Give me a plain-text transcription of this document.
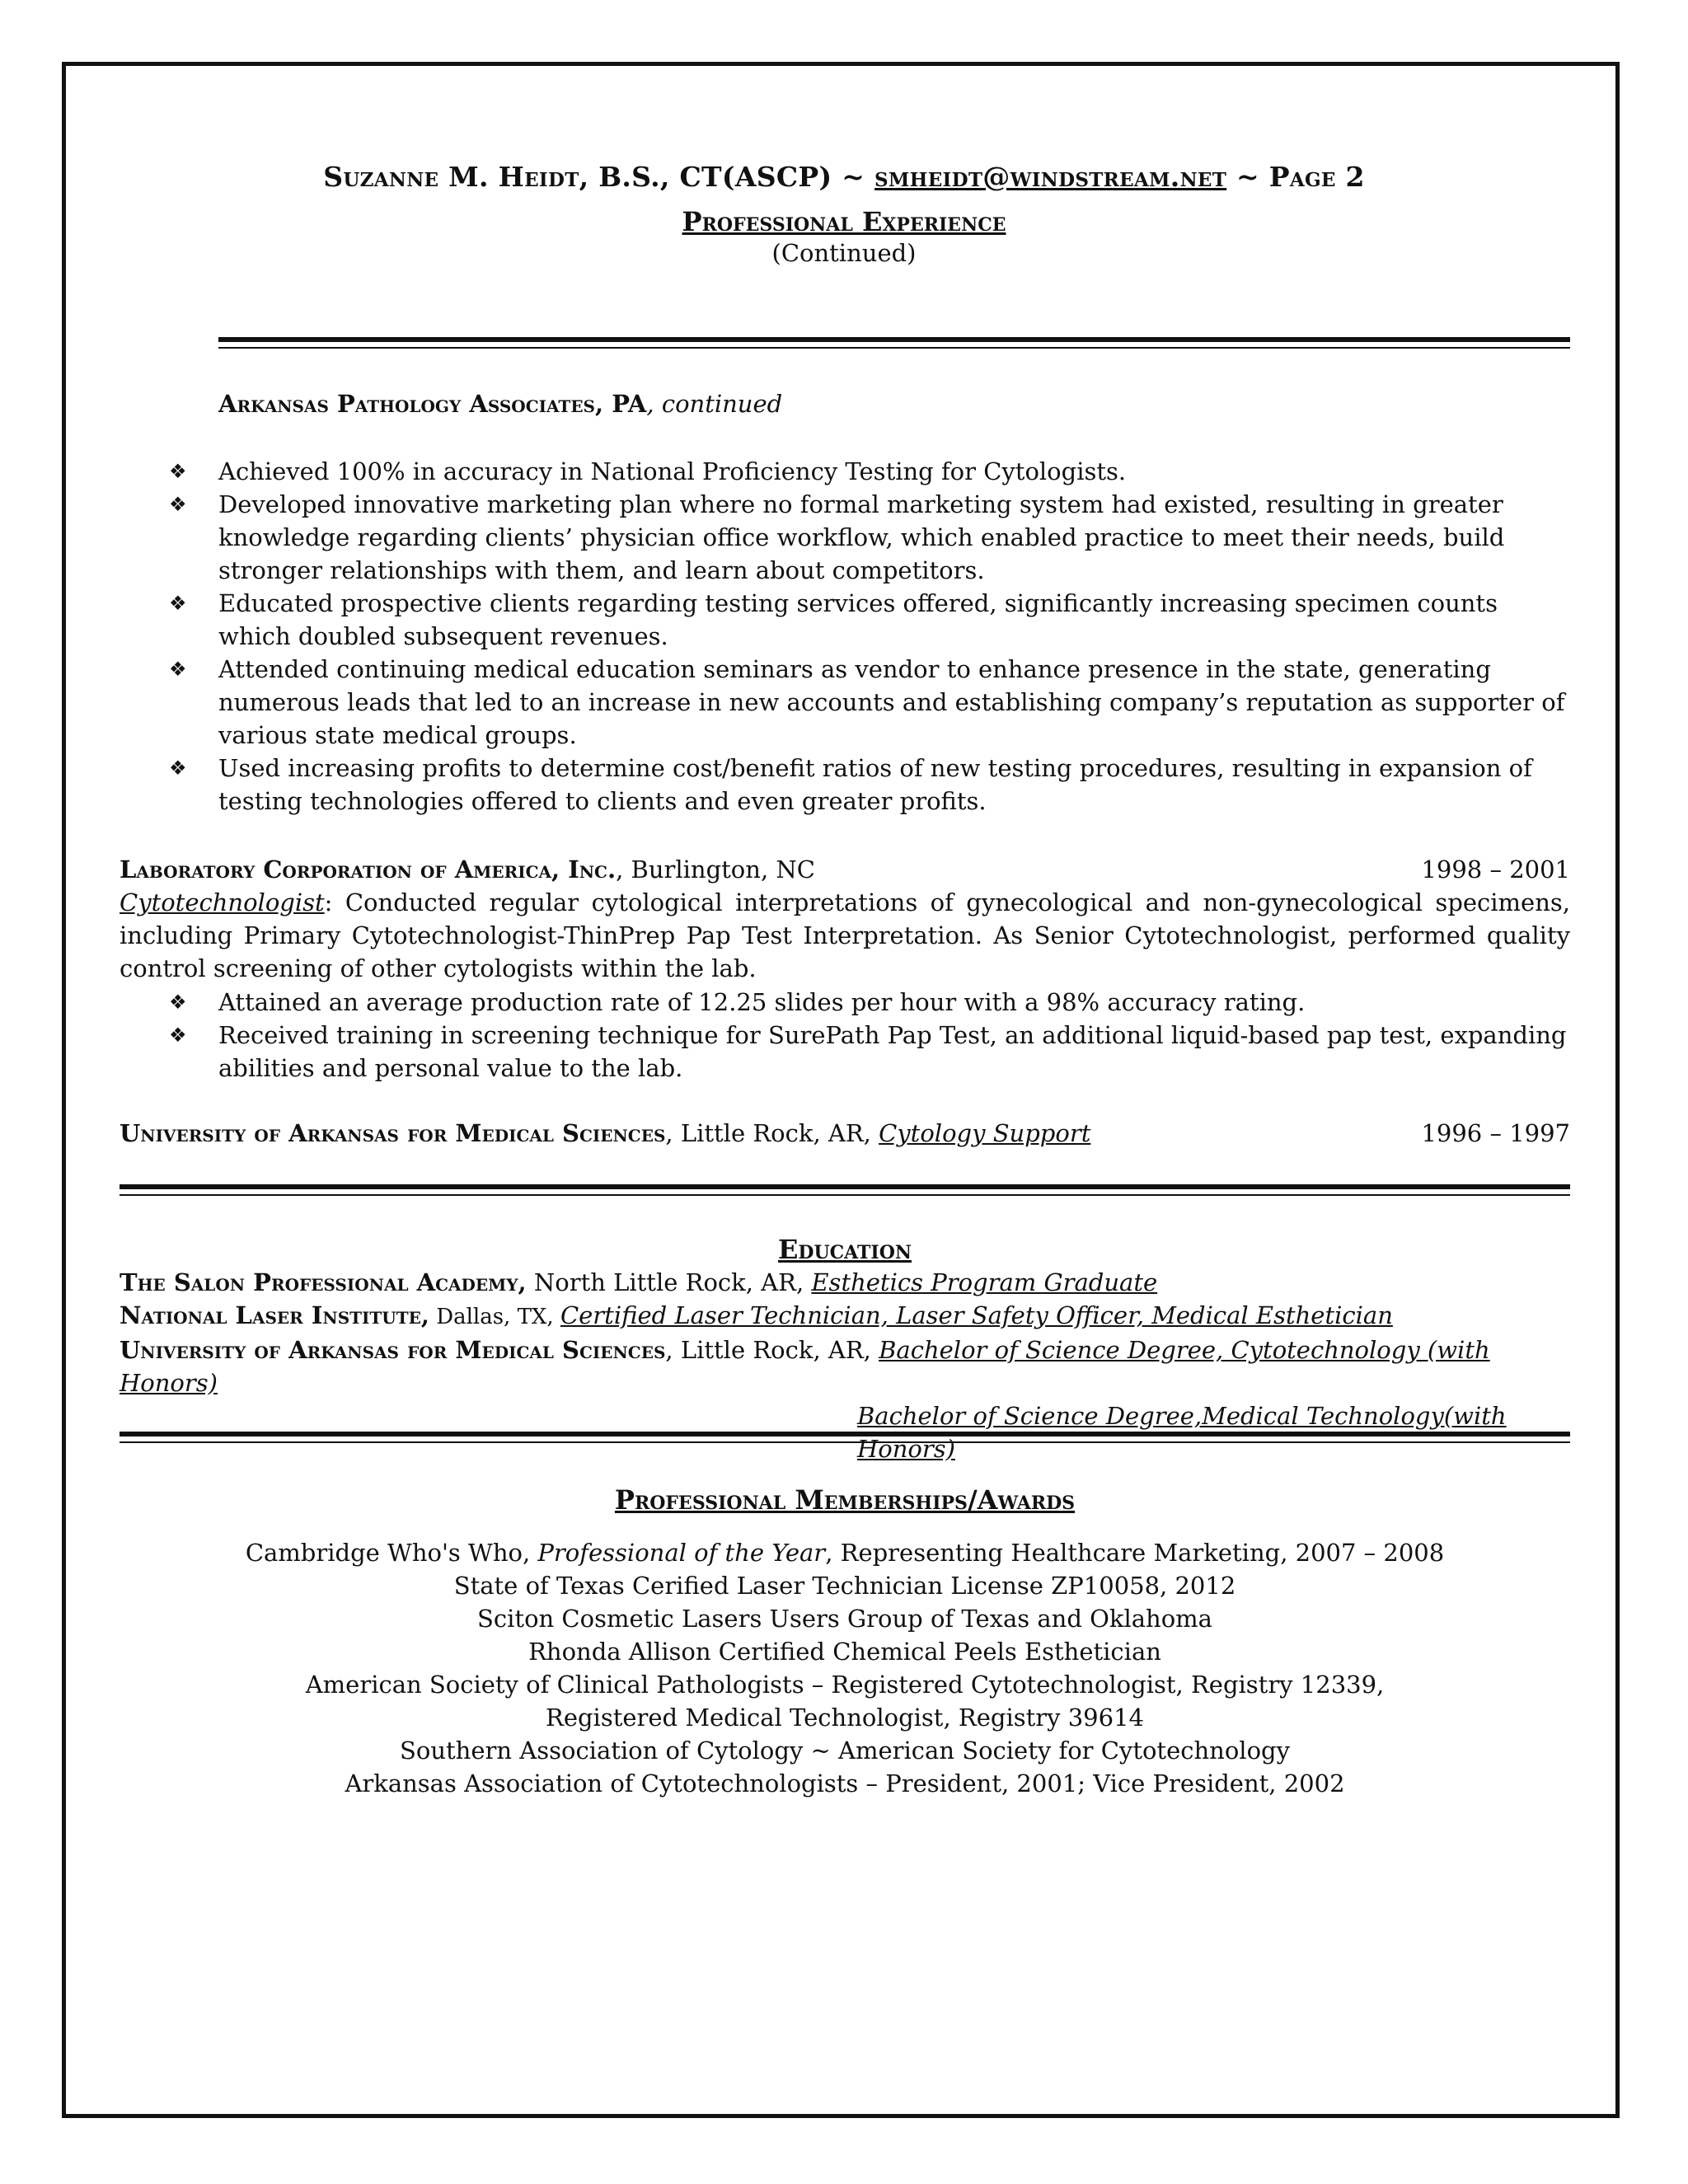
Suzanne M. Heidt, B.S., CT(ASCP) ~ smheidt@windstream.net ~ Page 2
Professional Experience
(Continued)
Arkansas Pathology Associates, PA, continued
❖	Achieved 100% in accuracy in National Proficiency Testing for Cytologists.
❖	Developed innovative marketing plan where no formal marketing system had existed, resulting in greater knowledge regarding clients’ physician office workflow, which enabled practice to meet their needs, build stronger relationships with them, and learn about competitors.
❖	Educated prospective clients regarding testing services offered, significantly increasing specimen counts which doubled subsequent revenues.
❖	Attended continuing medical education seminars as vendor to enhance presence in the state, generating numerous leads that led to an increase in new accounts and establishing company’s reputation as supporter of various state medical groups.
❖	Used increasing profits to determine cost/benefit ratios of new testing procedures, resulting in expansion of testing technologies offered to clients and even greater profits.
Laboratory Corporation of America, Inc., Burlington, NC	1998 – 2001
Cytotechnologist: Conducted regular cytological interpretations of gynecological and non-gynecological specimens, including Primary Cytotechnologist-ThinPrep Pap Test Interpretation. As Senior Cytotechnologist, performed quality control screening of other cytologists within the lab.
❖	Attained an average production rate of 12.25 slides per hour with a 98% accuracy rating.
❖	Received training in screening technique for SurePath Pap Test, an additional liquid-based pap test, expanding abilities and personal value to the lab.
University of Arkansas for Medical Sciences, Little Rock, AR, Cytology Support	1996 – 1997
Education
The Salon Professional Academy, North Little Rock, AR, Esthetics Program Graduate
National Laser Institute, Dallas, TX, Certified Laser Technician, Laser Safety Officer, Medical Esthetician
University of Arkansas for Medical Sciences, Little Rock, AR, Bachelor of Science Degree, Cytotechnology (with Honors)
Bachelor of Science Degree,Medical Technology(with Honors)
Professional Memberships/Awards
Cambridge Who's Who, Professional of the Year, Representing Healthcare Marketing, 2007 – 2008
State of Texas Cerified Laser Technician License ZP10058, 2012
Sciton Cosmetic Lasers Users Group of Texas and Oklahoma
Rhonda Allison Certified Chemical Peels Esthetician
American Society of Clinical Pathologists – Registered Cytotechnologist, Registry 12339,
Registered Medical Technologist, Registry 39614
Southern Association of Cytology ~ American Society for Cytotechnology
Arkansas Association of Cytotechnologists – President, 2001; Vice President, 2002
